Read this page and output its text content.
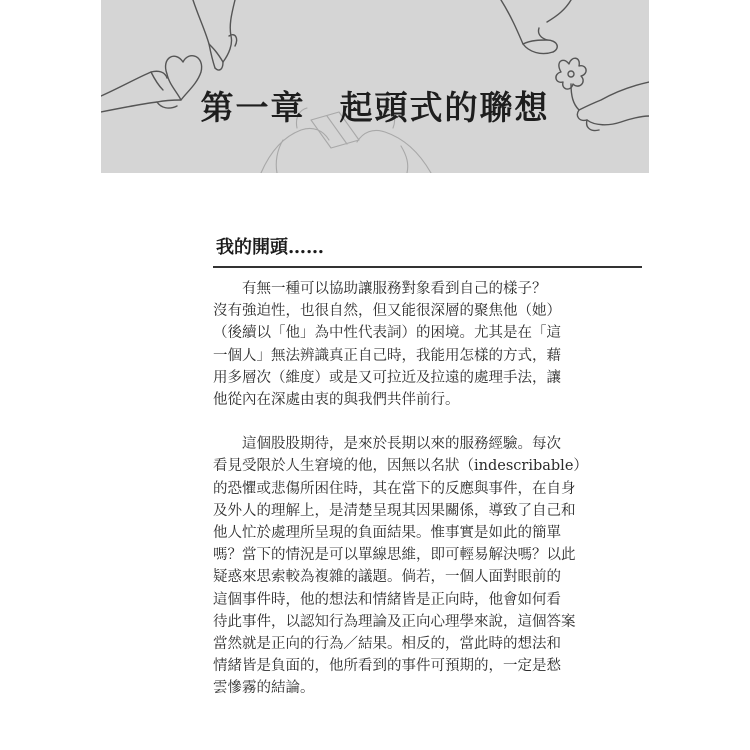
第一章 起頭式的聯想
我的開頭……

有無一種可以協助讓服務對象看到自己的樣子？
沒有強迫性，也很自然，但又能很深層的聚焦他（她）
（後續以「他」為中性代表詞）的困境。尤其是在「這
一個人」無法辨識真正自己時，我能用怎樣的方式，藉
用多層次（維度）或是又可拉近及拉遠的處理手法，讓
他從內在深處由衷的與我們共伴前行。

這個股股期待，是來於長期以來的服務經驗。每次
看見受限於人生窘境的他，因無以名狀（indescribable）
的恐懼或悲傷所困住時，其在當下的反應與事件，在自身
及外人的理解上，是清楚呈現其因果關係，導致了自己和
他人忙於處理所呈現的負面結果。惟事實是如此的簡單
嗎？當下的情況是可以單線思維，即可輕易解決嗎？以此
疑惑來思索較為複雜的議題。倘若，一個人面對眼前的
這個事件時，他的想法和情緒皆是正向時，他會如何看
待此事件，以認知行為理論及正向心理學來說，這個答案
當然就是正向的行為／結果。相反的，當此時的想法和
情緒皆是負面的，他所看到的事件可預期的，一定是愁
雲慘霧的結論。
